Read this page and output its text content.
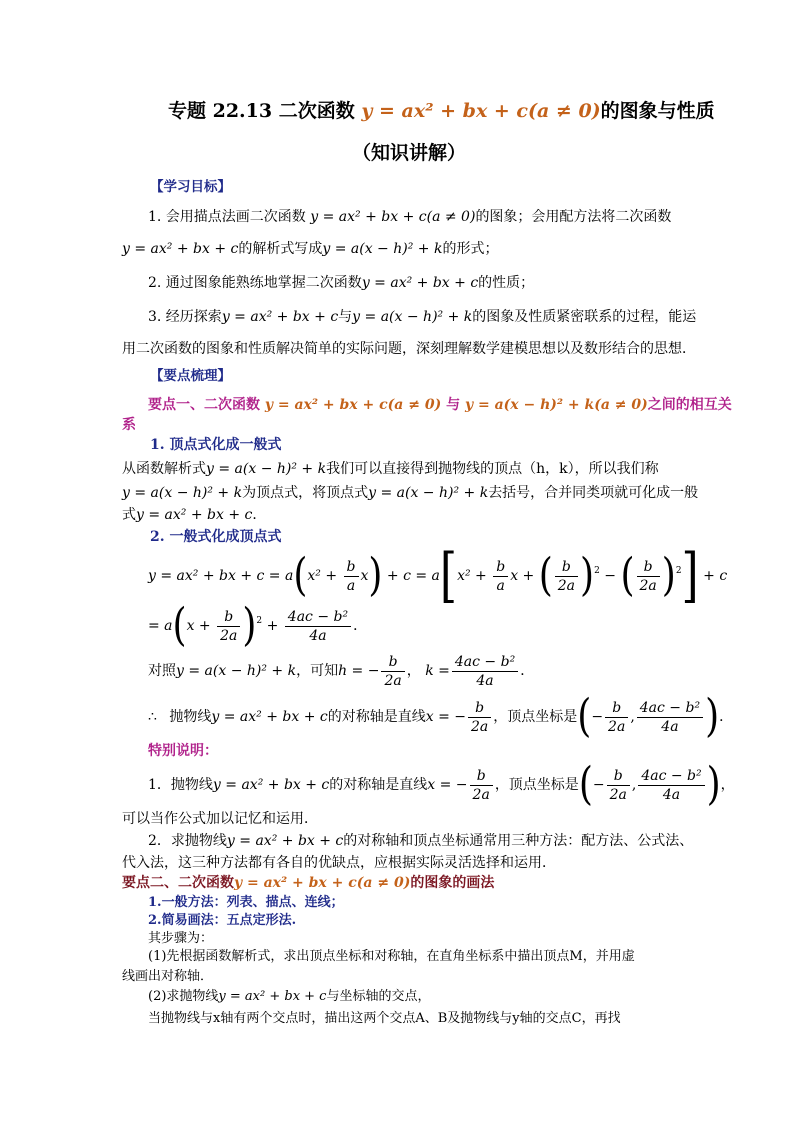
专题 22.13 二次函数 y = ax² + bx + c(a ≠ 0)的图象与性质
（知识讲解）
【学习目标】
1. 会用描点法画二次函数 y = ax² + bx + c(a ≠ 0)的图象；会用配方法将二次函数
y = ax² + bx + c的解析式写成y = a(x − h)² + k的形式；
2. 通过图象能熟练地掌握二次函数y = ax² + bx + c的性质；
3. 经历探索y = ax² + bx + c与y = a(x − h)² + k的图象及性质紧密联系的过程，能运
用二次函数的图象和性质解决简单的实际问题，深刻理解数学建模思想以及数形结合的思想．
【要点梳理】
要点一、二次函数 y = ax² + bx + c(a ≠ 0) 与 y = a(x − h)² + k(a ≠ 0)之间的相互关
系
1. 顶点式化成一般式
从函数解析式y = a(x − h)² + k我们可以直接得到抛物线的顶点（h，k），所以我们称
y = a(x − h)² + k为顶点式，将顶点式y = a(x − h)² + k去括号，合并同类项就可化成一般
式y = ax² + bx + c．
2. 一般式化成顶点式
y = ax² + bx + $c = a(x^2 + \frac{b}{a} x) + c = a[x^2 + \frac{b}{a}$ x + ( $\frac{b}{2a} )^2$ − ( $\frac{b}{2a} )^2] + c$
= $a(x + \frac{b}{2a} )^2 + \frac{\text{4ac − b²}}{4a}$ ．
对照y = a(x − h)² + k，可知h = − $\frac{b}{2a}$ ， $k = \frac{\text{4ac − b²}}{4a}$ ．
∴ 抛物线y = ax² + bx + c的对称轴是直线x = − $\frac{b}{2a}$ ，顶点坐标是(− $\frac{b}{2a}$ , $\frac{\text{4ac − b²}}{4a}$ )．
特别说明：
1．抛物线y = ax² + bx + c的对称轴是直线x = − $\frac{b}{2a}$ ，顶点坐标是(− $\frac{b}{2a}$ , $\frac{\text{4ac − b²}}{4a}$ )，
可以当作公式加以记忆和运用．
2．求抛物线y = ax² + bx + c的对称轴和顶点坐标通常用三种方法：配方法、公式法、
代入法，这三种方法都有各自的优缺点，应根据实际灵活选择和运用．
要点二、二次函数y = ax² + bx + c(a ≠ 0)的图象的画法
1.一般方法：列表、描点、连线；
2.简易画法：五点定形法.
其步骤为：
(1)先根据函数解析式，求出顶点坐标和对称轴，在直角坐标系中描出顶点M，并用虚
线画出对称轴．
(2)求抛物线y = ax² + bx + c与坐标轴的交点，
当抛物线与x轴有两个交点时，描出这两个交点A、B及抛物线与y轴的交点C，再找
